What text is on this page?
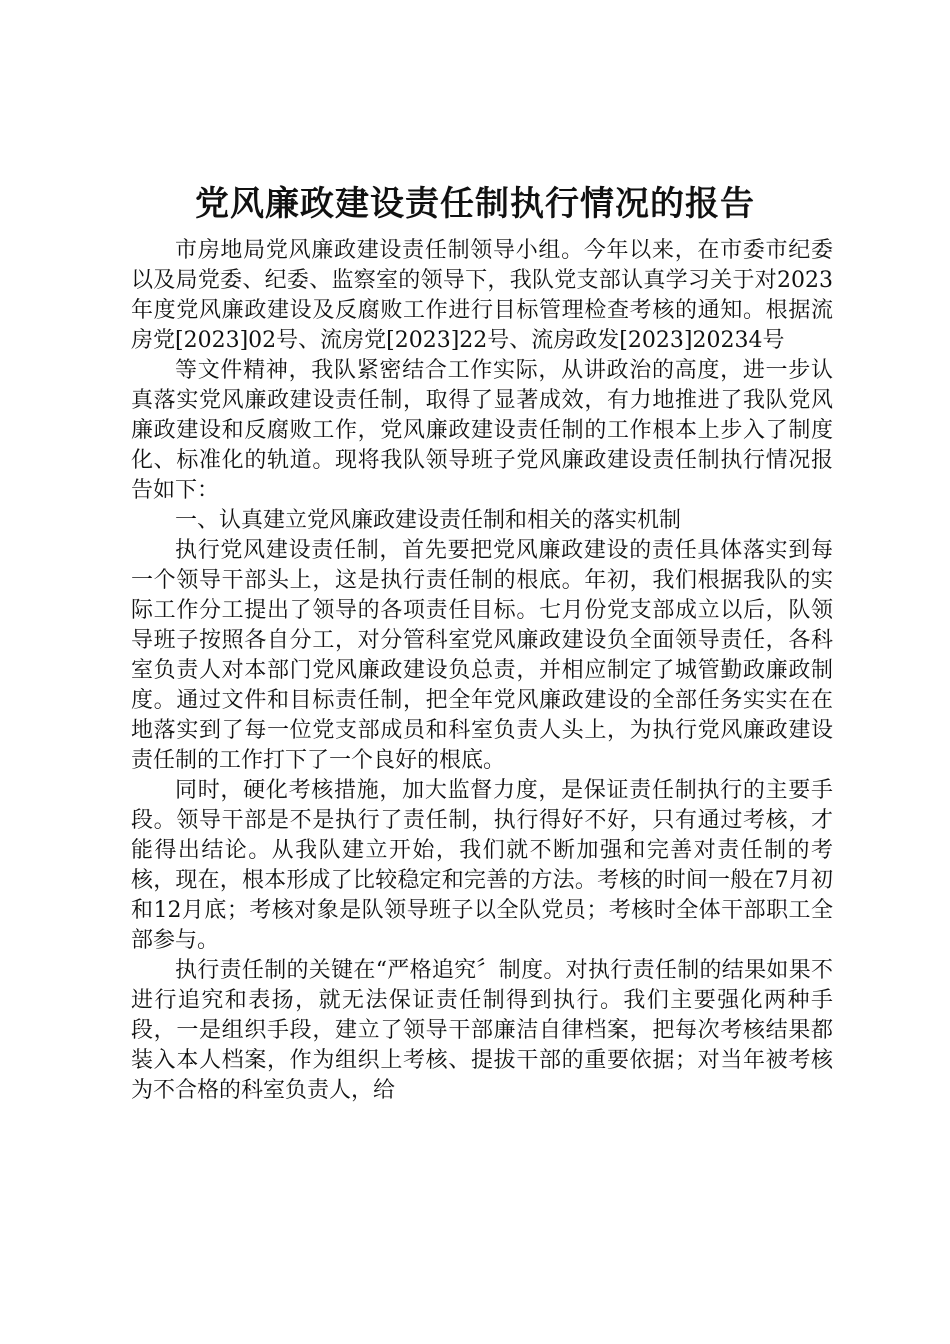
党风廉政建设责任制执行情况的报告

市房地局党风廉政建设责任制领导小组。今年以来，在市委市纪委以及局党委、纪委、监察室的领导下，我队党支部认真学习关于对2023年度党风廉政建设及反腐败工作进行目标管理检查考核的通知。根据流房党[2023]02号、流房党[2023]22号、流房政发[2023]20234号

等文件精神，我队紧密结合工作实际，从讲政治的高度，进一步认真落实党风廉政建设责任制，取得了显著成效，有力地推进了我队党风廉政建设和反腐败工作，党风廉政建设责任制的工作根本上步入了制度化、标准化的轨道。现将我队领导班子党风廉政建设责任制执行情况报告如下：

一、认真建立党风廉政建设责任制和相关的落实机制

执行党风建设责任制，首先要把党风廉政建设的责任具体落实到每一个领导干部头上，这是执行责任制的根底。年初，我们根据我队的实际工作分工提出了领导的各项责任目标。七月份党支部成立以后，队领导班子按照各自分工，对分管科室党风廉政建设负全面领导责任，各科室负责人对本部门党风廉政建设负总责，并相应制定了城管勤政廉政制度。通过文件和目标责任制，把全年党风廉政建设的全部任务实实在在地落实到了每一位党支部成员和科室负责人头上，为执行党风廉政建设责任制的工作打下了一个良好的根底。

同时，硬化考核措施，加大监督力度，是保证责任制执行的主要手段。领导干部是不是执行了责任制，执行得好不好，只有通过考核，才能得出结论。从我队建立开始，我们就不断加强和完善对责任制的考核，现在，根本形成了比较稳定和完善的方法。考核的时间一般在7月初和12月底；考核对象是队领导班子以全队党员；考核时全体干部职工全部参与。

执行责任制的关键在“严格追究〞制度。对执行责任制的结果如果不进行追究和表扬，就无法保证责任制得到执行。我们主要强化两种手段，一是组织手段，建立了领导干部廉洁自律档案，把每次考核结果都装入本人档案，作为组织上考核、提拔干部的重要依据；对当年被考核为不合格的科室负责人，给
